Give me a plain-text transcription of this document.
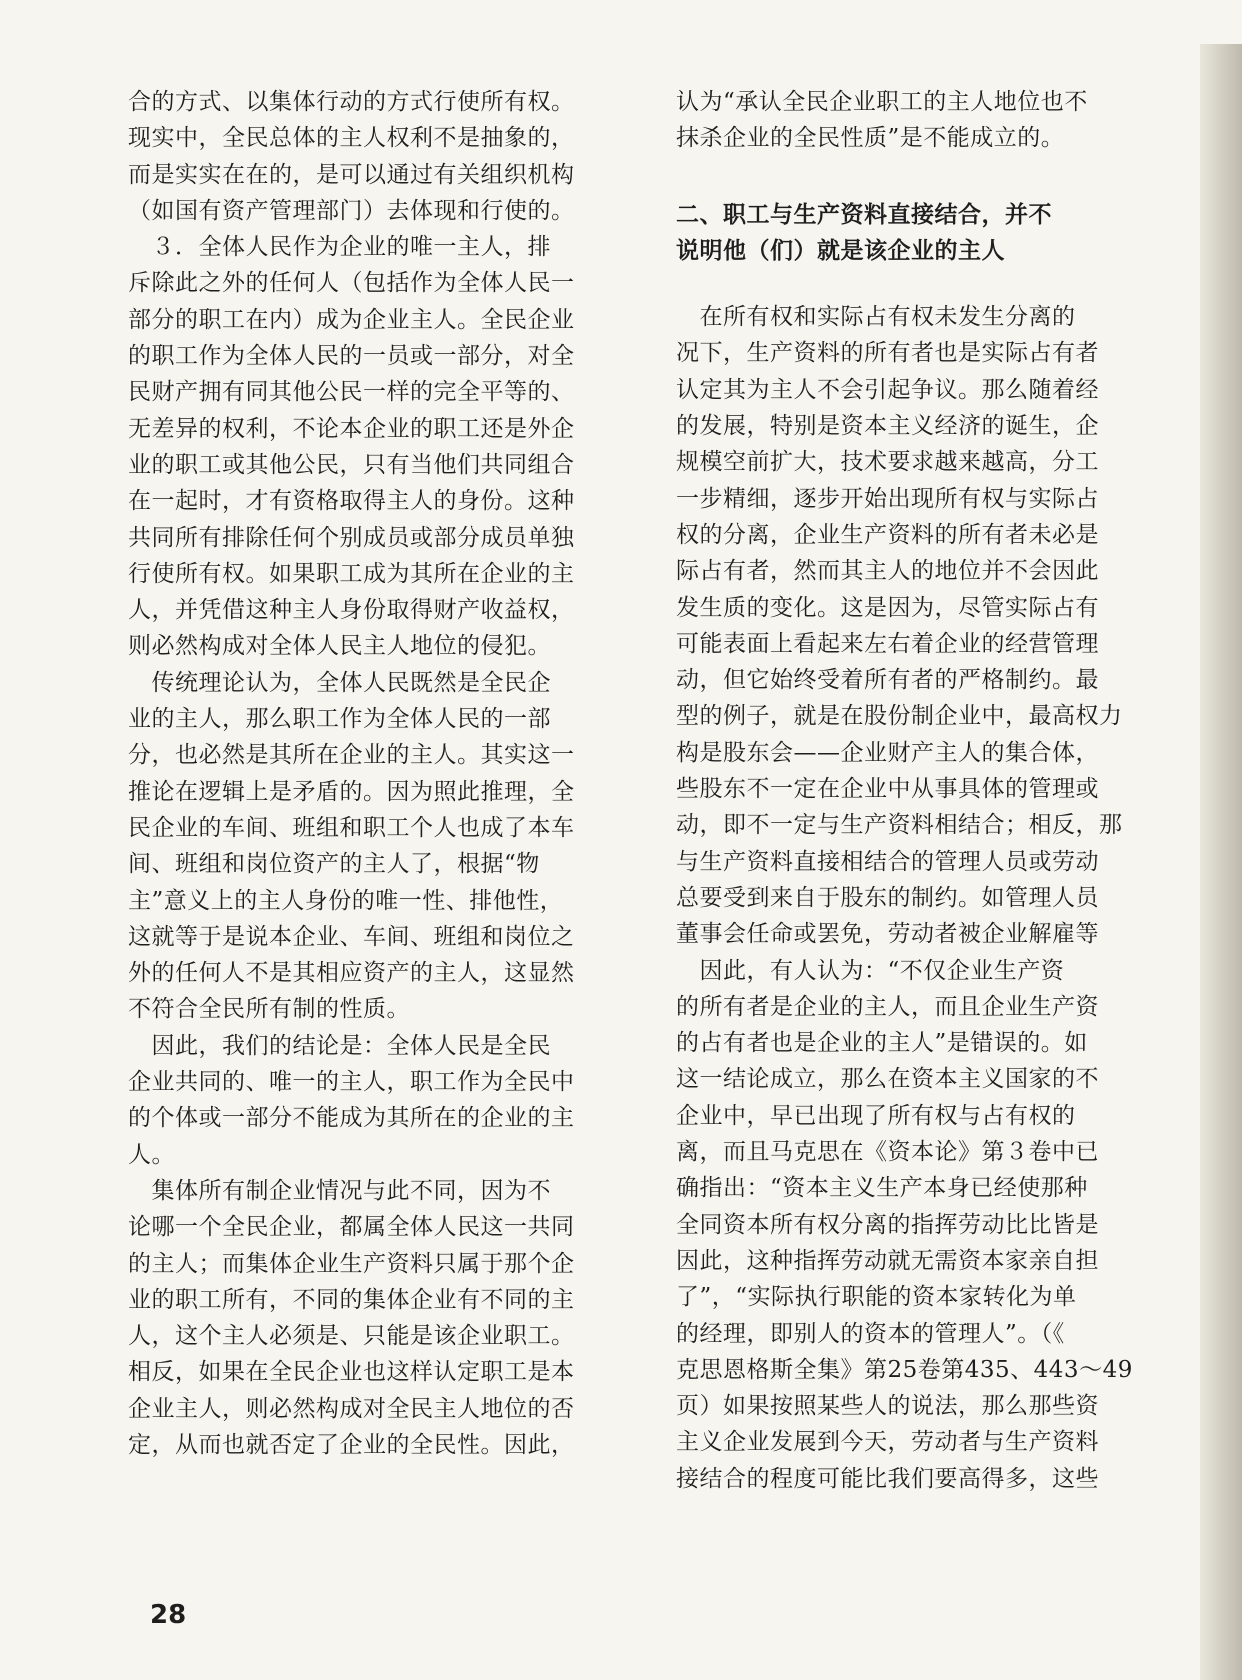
合的方式、以集体行动的方式行使所有权。

现实中，全民总体的主人权利不是抽象的，

而是实实在在的，是可以通过有关组织机构

（如国有资产管理部门）去体现和行使的。

　３．全体人民作为企业的唯一主人，排

斥除此之外的任何人（包括作为全体人民一

部分的职工在内）成为企业主人。全民企业

的职工作为全体人民的一员或一部分，对全

民财产拥有同其他公民一样的完全平等的、

无差异的权利，不论本企业的职工还是外企

业的职工或其他公民，只有当他们共同组合

在一起时，才有资格取得主人的身份。这种

共同所有排除任何个别成员或部分成员单独

行使所有权。如果职工成为其所在企业的主

人，并凭借这种主人身份取得财产收益权，

则必然构成对全体人民主人地位的侵犯。

　传统理论认为，全体人民既然是全民企

业的主人，那么职工作为全体人民的一部

分，也必然是其所在企业的主人。其实这一

推论在逻辑上是矛盾的。因为照此推理，全

民企业的车间、班组和职工个人也成了本车

间、班组和岗位资产的主人了，根据“物

主”意义上的主人身份的唯一性、排他性，

这就等于是说本企业、车间、班组和岗位之

外的任何人不是其相应资产的主人，这显然

不符合全民所有制的性质。

　因此，我们的结论是：全体人民是全民

企业共同的、唯一的主人，职工作为全民中

的个体或一部分不能成为其所在的企业的主

人。

　集体所有制企业情况与此不同，因为不

论哪一个全民企业，都属全体人民这一共同

的主人；而集体企业生产资料只属于那个企

业的职工所有，不同的集体企业有不同的主

人，这个主人必须是、只能是该企业职工。

相反，如果在全民企业也这样认定职工是本

企业主人，则必然构成对全民主人地位的否

定，从而也就否定了企业的全民性。因此，

认为“承认全民企业职工的主人地位也不

抹杀企业的全民性质”是不能成立的。

二、职工与生产资料直接结合，并不

说明他（们）就是该企业的主人

　在所有权和实际占有权未发生分离的

况下，生产资料的所有者也是实际占有者

认定其为主人不会引起争议。那么随着经

的发展，特别是资本主义经济的诞生，企

规模空前扩大，技术要求越来越高，分工

一步精细，逐步开始出现所有权与实际占

权的分离，企业生产资料的所有者未必是

际占有者，然而其主人的地位并不会因此

发生质的变化。这是因为，尽管实际占有

可能表面上看起来左右着企业的经营管理

动，但它始终受着所有者的严格制约。最

型的例子，就是在股份制企业中，最高权力

构是股东会——企业财产主人的集合体，

些股东不一定在企业中从事具体的管理或

动，即不一定与生产资料相结合；相反，那

与生产资料直接相结合的管理人员或劳动

总要受到来自于股东的制约。如管理人员

董事会任命或罢免，劳动者被企业解雇等

　因此，有人认为：“不仅企业生产资

的所有者是企业的主人，而且企业生产资

的占有者也是企业的主人”是错误的。如

这一结论成立，那么在资本主义国家的不

企业中，早已出现了所有权与占有权的

离，而且马克思在《资本论》第３卷中已

确指出：“资本主义生产本身已经使那种

全同资本所有权分离的指挥劳动比比皆是

因此，这种指挥劳动就无需资本家亲自担

了”，“实际执行职能的资本家转化为单

的经理，即别人的资本的管理人”。（《

克思恩格斯全集》第25卷第435、443～49

页）如果按照某些人的说法，那么那些资

主义企业发展到今天，劳动者与生产资料

接结合的程度可能比我们要高得多，这些

28
